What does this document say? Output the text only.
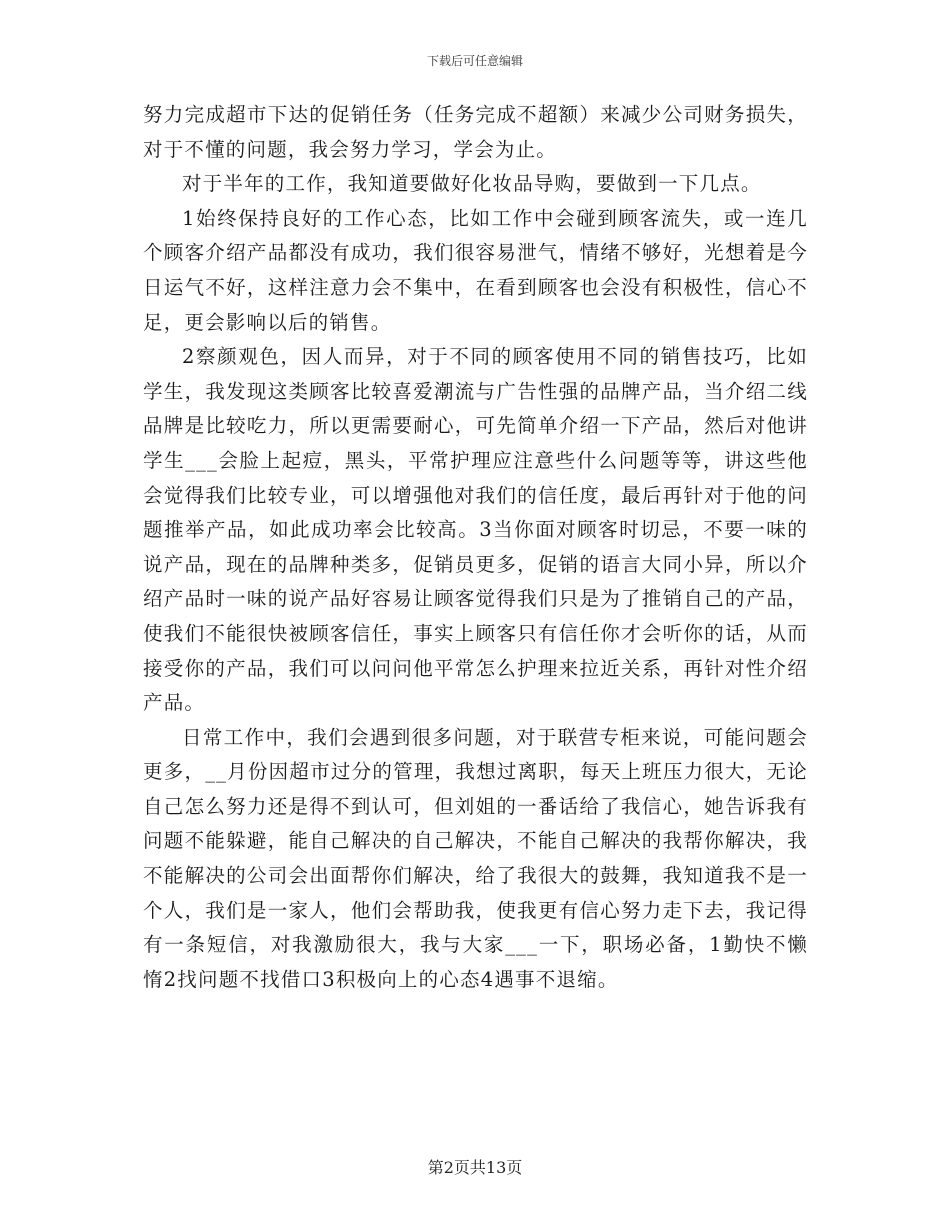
下载后可任意编辑

努力完成超市下达的促销任务（任务完成不超额）来减少公司财务损失，对于不懂的问题，我会努力学习，学会为止。

对于半年的工作，我知道要做好化妆品导购，要做到一下几点。

1始终保持良好的工作心态，比如工作中会碰到顾客流失，或一连几个顾客介绍产品都没有成功，我们很容易泄气，情绪不够好，光想着是今日运气不好，这样注意力会不集中，在看到顾客也会没有积极性，信心不足，更会影响以后的销售。

2察颜观色，因人而异，对于不同的顾客使用不同的销售技巧，比如学生，我发现这类顾客比较喜爱潮流与广告性强的品牌产品，当介绍二线品牌是比较吃力，所以更需要耐心，可先简单介绍一下产品，然后对他讲学生___会脸上起痘，黑头，平常护理应注意些什么问题等等，讲这些他会觉得我们比较专业，可以增强他对我们的信任度，最后再针对于他的问题推举产品，如此成功率会比较高。3当你面对顾客时切忌，不要一味的说产品，现在的品牌种类多，促销员更多，促销的语言大同小异，所以介绍产品时一味的说产品好容易让顾客觉得我们只是为了推销自己的产品，使我们不能很快被顾客信任，事实上顾客只有信任你才会听你的话，从而接受你的产品，我们可以问问他平常怎么护理来拉近关系，再针对性介绍产品。

日常工作中，我们会遇到很多问题，对于联营专柜来说，可能问题会更多，__月份因超市过分的管理，我想过离职，每天上班压力很大，无论自己怎么努力还是得不到认可，但刘姐的一番话给了我信心，她告诉我有问题不能躲避，能自己解决的自己解决，不能自己解决的我帮你解决，我不能解决的公司会出面帮你们解决，给了我很大的鼓舞，我知道我不是一个人，我们是一家人，他们会帮助我，使我更有信心努力走下去，我记得有一条短信，对我激励很大，我与大家___一下，职场必备，1勤快不懒惰2找问题不找借口3积极向上的心态4遇事不退缩。

第2页共13页
